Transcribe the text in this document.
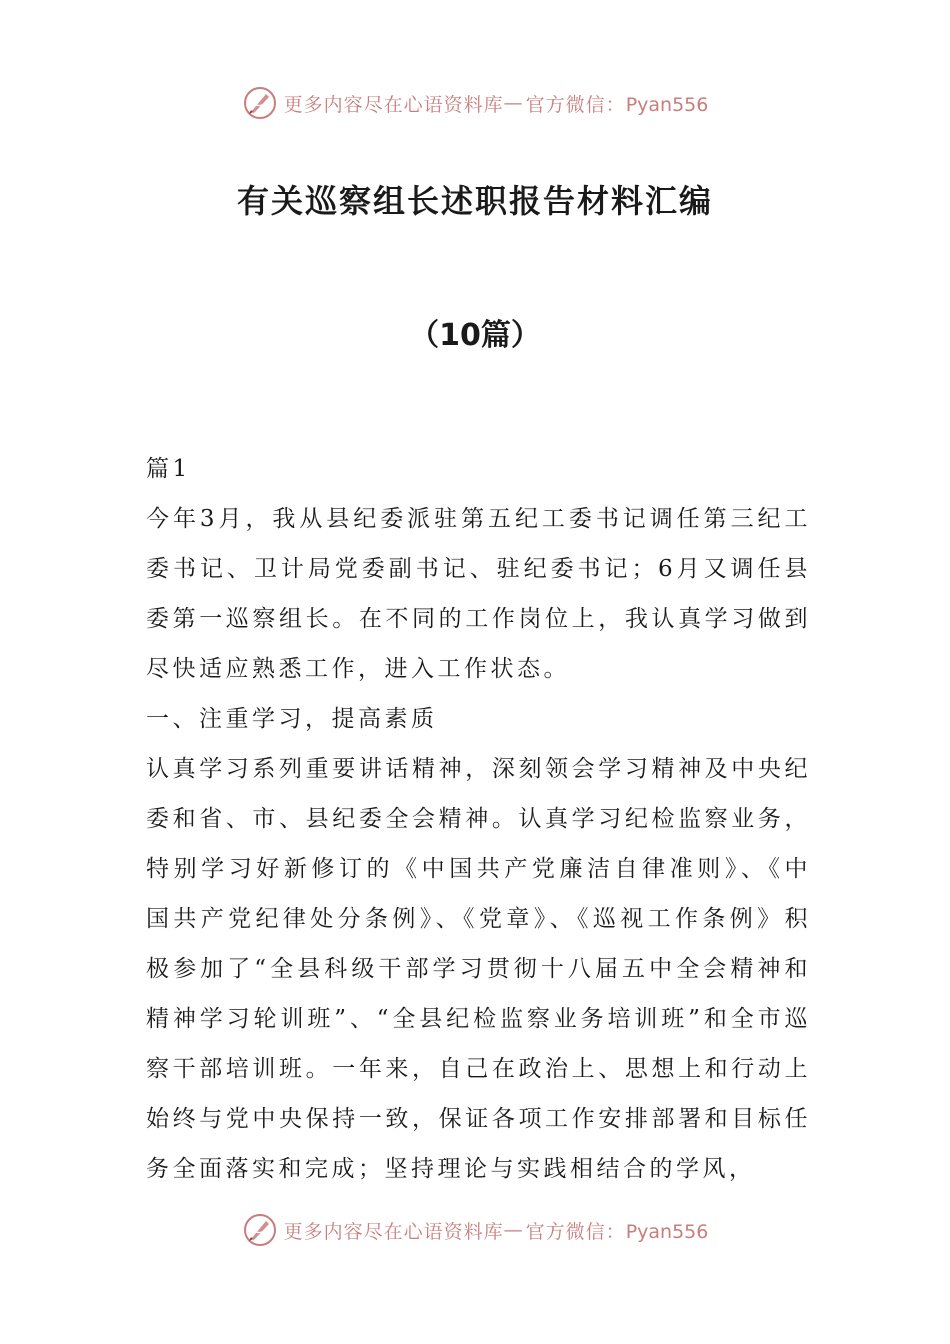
更多内容尽在心语资料库 — 官方微信：Pyan556
有关巡察组长述职报告材料汇编
（10篇）

篇1

今年3月，我从县纪委派驻第五纪工委书记调任第三纪工委书记、卫计局党委副书记、驻纪委书记；6月又调任县委第一巡察组长。在不同的工作岗位上，我认真学习做到尽快适应熟悉工作，进入工作状态。

一、注重学习，提高素质

认真学习系列重要讲话精神，深刻领会学习精神及中央纪委和省、市、县纪委全会精神。认真学习纪检监察业务，特别学习好新修订的《中国共产党廉洁自律准则》、《中国共产党纪律处分条例》、《党章》、《巡视工作条例》积极参加了“全县科级干部学习贯彻十八届五中全会精神和精神学习轮训班”、“全县纪检监察业务培训班”和全市巡察干部培训班。一年来，自己在政治上、思想上和行动上始终与党中央保持一致，保证各项工作安排部署和目标任务全面落实和完成；坚持理论与实践相结合的学风，

更多内容尽在心语资料库 — 官方微信：Pyan556
